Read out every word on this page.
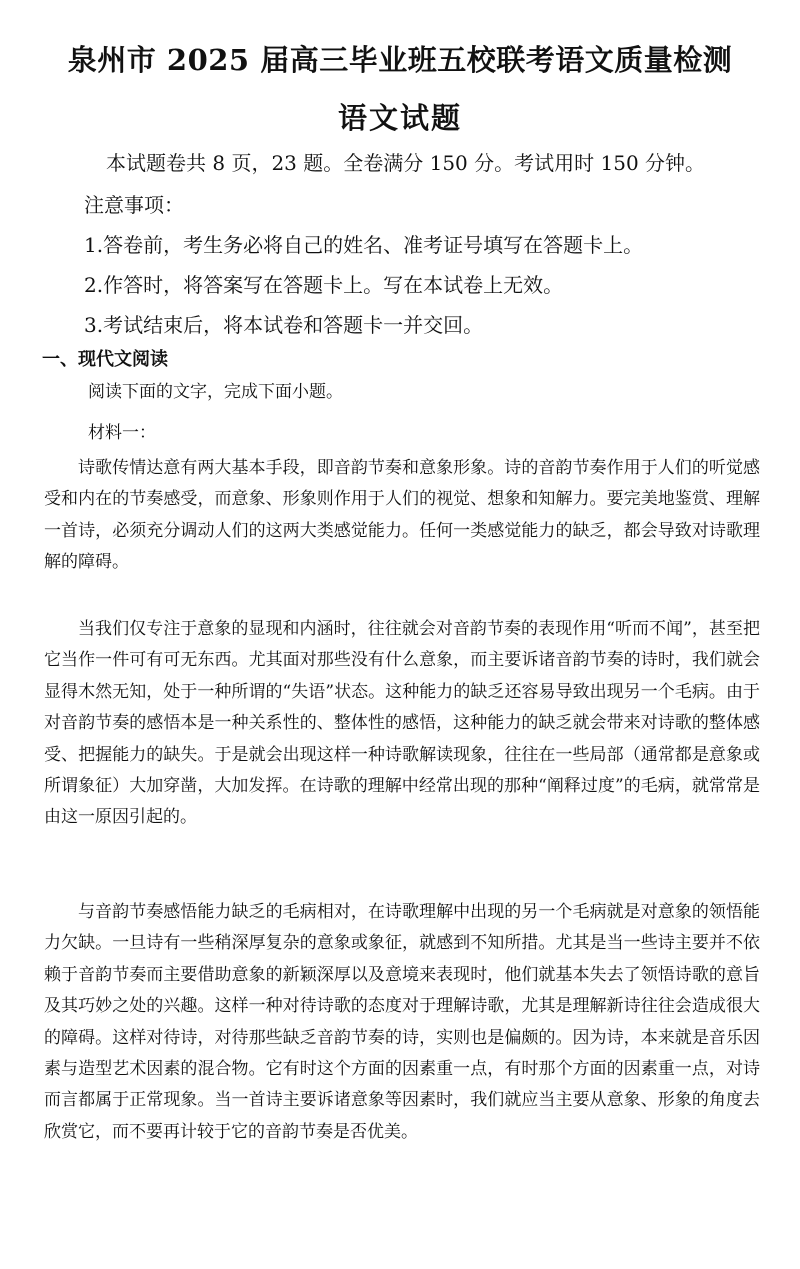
泉州市 2025 届高三毕业班五校联考语文质量检测
语文试题
本试题卷共 8 页，23 题。全卷满分 150 分。考试用时 150 分钟。
注意事项：
1.答卷前，考生务必将自己的姓名、准考证号填写在答题卡上。
2.作答时，将答案写在答题卡上。写在本试卷上无效。
3.考试结束后，将本试卷和答题卡一并交回。
一、现代文阅读
阅读下面的文字，完成下面小题。
材料一：

诗歌传情达意有两大基本手段，即音韵节奏和意象形象。诗的音韵节奏作用于人们的听觉感受和内在的节奏感受，而意象、形象则作用于人们的视觉、想象和知解力。要完美地鉴赏、理解一首诗，必须充分调动人们的这两大类感觉能力。任何一类感觉能力的缺乏，都会导致对诗歌理解的障碍。

当我们仅专注于意象的显现和内涵时，往往就会对音韵节奏的表现作用“听而不闻”，甚至把它当作一件可有可无东西。尤其面对那些没有什么意象，而主要诉诸音韵节奏的诗时，我们就会显得木然无知，处于一种所谓的“失语”状态。这种能力的缺乏还容易导致出现另一个毛病。由于对音韵节奏的感悟本是一种关系性的、整体性的感悟，这种能力的缺乏就会带来对诗歌的整体感受、把握能力的缺失。于是就会出现这样一种诗歌解读现象，往往在一些局部（通常都是意象或所谓象征）大加穿凿，大加发挥。在诗歌的理解中经常出现的那种“阐释过度”的毛病，就常常是由这一原因引起的。

与音韵节奏感悟能力缺乏的毛病相对，在诗歌理解中出现的另一个毛病就是对意象的领悟能力欠缺。一旦诗有一些稍深厚复杂的意象或象征，就感到不知所措。尤其是当一些诗主要并不依赖于音韵节奏而主要借助意象的新颖深厚以及意境来表现时，他们就基本失去了领悟诗歌的意旨及其巧妙之处的兴趣。这样一种对待诗歌的态度对于理解诗歌，尤其是理解新诗往往会造成很大的障碍。这样对待诗，对待那些缺乏音韵节奏的诗，实则也是偏颇的。因为诗，本来就是音乐因素与造型艺术因素的混合物。它有时这个方面的因素重一点，有时那个方面的因素重一点，对诗而言都属于正常现象。当一首诗主要诉诸意象等因素时，我们就应当主要从意象、形象的角度去欣赏它，而不要再计较于它的音韵节奏是否优美。
